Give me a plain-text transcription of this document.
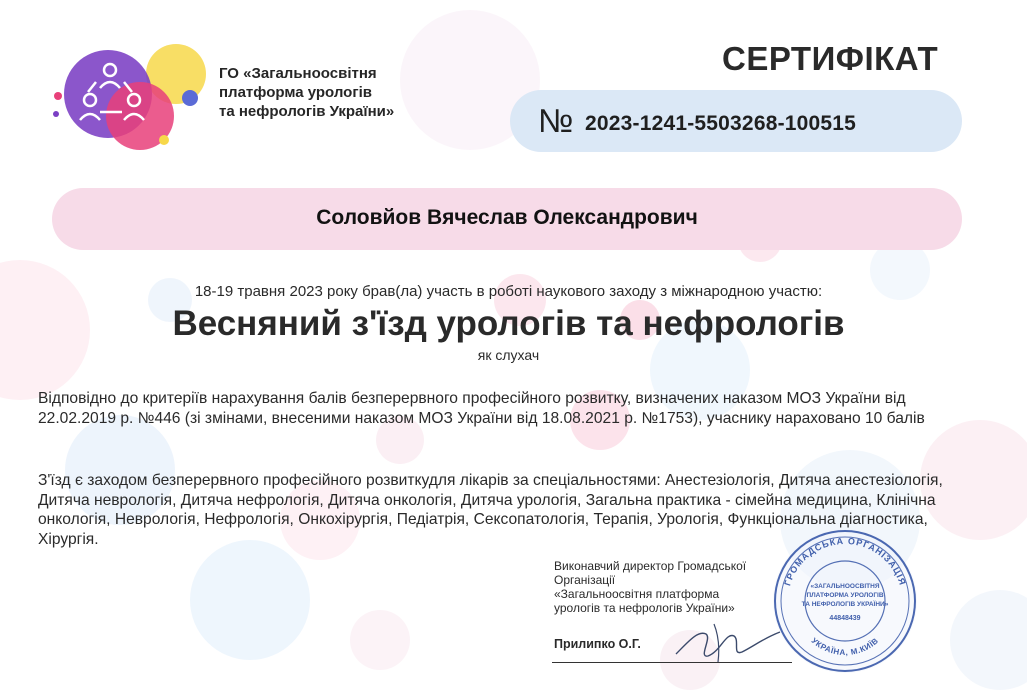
ГО «Загальноосвітня
платформа урологів
та нефрологів України»
СЕРТИФІКАТ
№ 2023-1241-5503268-100515
Соловйов Вячеслав Олександрович
18-19 травня 2023 року брав(ла) участь в роботі наукового заходу з міжнародною участю:
Весняний з'їзд урологів та нефрологів
як слухач
Відповідно до критеріїв нарахування балів безперервного професійного розвитку, визначених наказом МОЗ України від 22.02.2019 р. №446 (зі змінами, внесеними наказом МОЗ України від 18.08.2021 р. №1753), учаснику нараховано 10 балів
З'їзд є заходом безперервного професійного розвиткудля лікарів за спеціальностями: Анестезіологія, Дитяча анестезіологія, Дитяча неврологія, Дитяча нефрологія, Дитяча онкологія, Дитяча урологія, Загальна практика - сімейна медицина, Клінічна онкологія, Неврологія, Нефрологія, Онкохірургія, Педіатрія, Сексопатологія, Терапія, Урологія, Функціональна діагностика, Хірургія.
Виконавчий директор Громадської
Організації
«Загальноосвітня платформа
урологів та нефрологів України»
Прилипко О.Г.
ГРОМАДСЬКА ОРГАНІЗАЦІЯ
УКРАЇНА, М.КИЇВ
«ЗАГАЛЬНООСВІТНЯ
ПЛАТФОРМА УРОЛОГІВ
ТА НЕФРОЛОГІВ УКРАЇНИ»
44848439
